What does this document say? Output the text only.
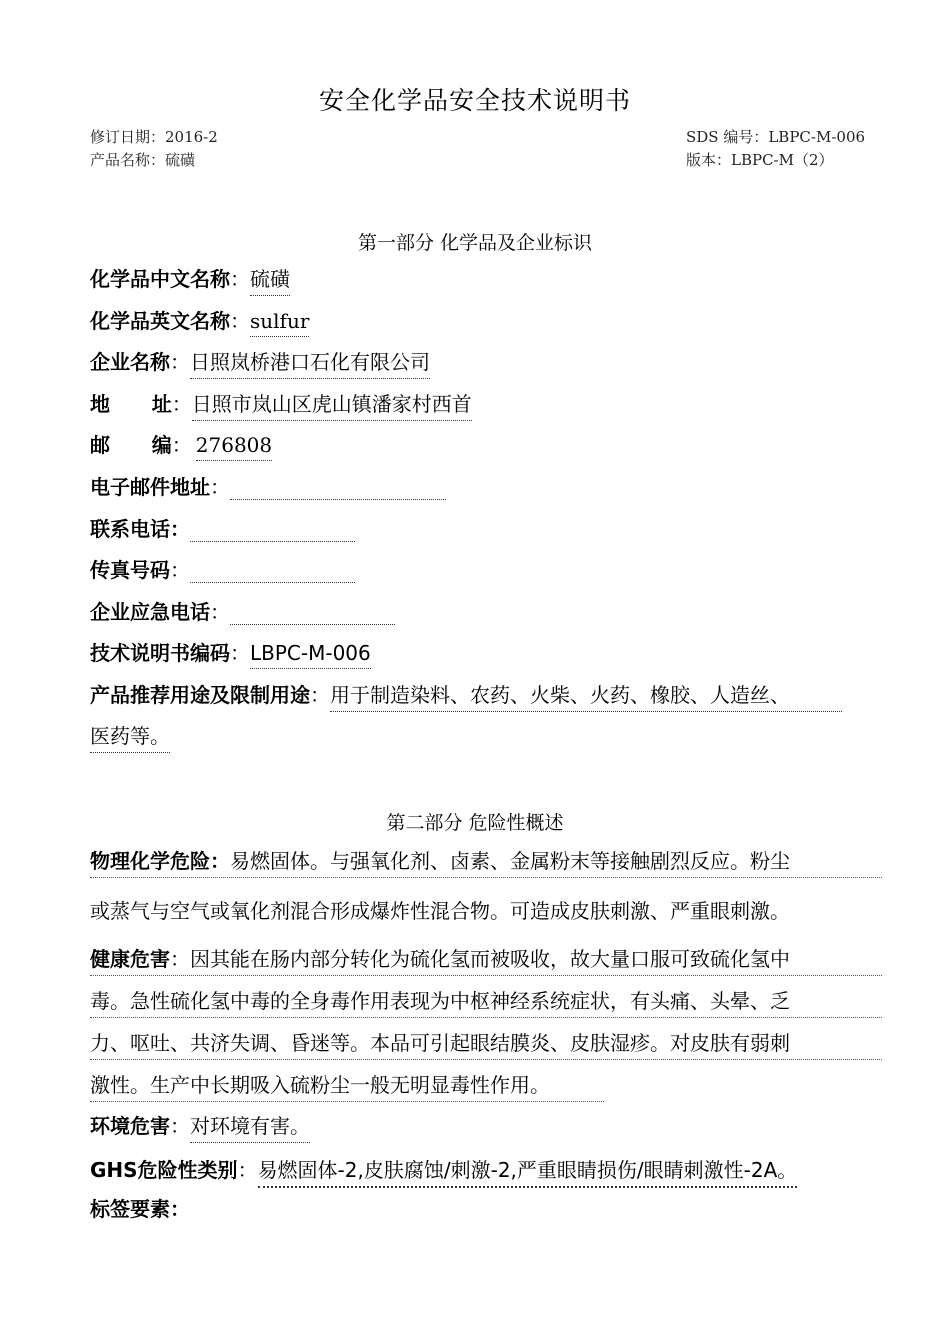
安全化学品安全技术说明书
修订日期：2016-2
产品名称：硫磺
SDS 编号：LBPC-M-006
版本：LBPC-M（2）
第一部分 化学品及企业标识
化学品中文名称：硫磺
化学品英文名称：sulfur
企业名称：日照岚桥港口石化有限公司
地      址：日照市岚山区虎山镇潘家村西首
邮      编： 276808
电子邮件地址：
联系电话：
传真号码：
企业应急电话：
技术说明书编码：LBPC-M-006
产品推荐用途及限制用途：用于制造染料、农药、火柴、火药、橡胶、人造丝、
医药等。
第二部分 危险性概述
物理化学危险：易燃固体。与强氧化剂、卤素、金属粉末等接触剧烈反应。粉尘
或蒸气与空气或氧化剂混合形成爆炸性混合物。可造成皮肤刺激、严重眼刺激。
健康危害：因其能在肠内部分转化为硫化氢而被吸收，故大量口服可致硫化氢中
毒。急性硫化氢中毒的全身毒作用表现为中枢神经系统症状，有头痛、头晕、乏
力、呕吐、共济失调、昏迷等。本品可引起眼结膜炎、皮肤湿疹。对皮肤有弱刺
激性。生产中长期吸入硫粉尘一般无明显毒性作用。
环境危害：对环境有害。
GHS危险性类别：易燃固体-2,皮肤腐蚀/刺激-2,严重眼睛损伤/眼睛刺激性-2A。
标签要素：
